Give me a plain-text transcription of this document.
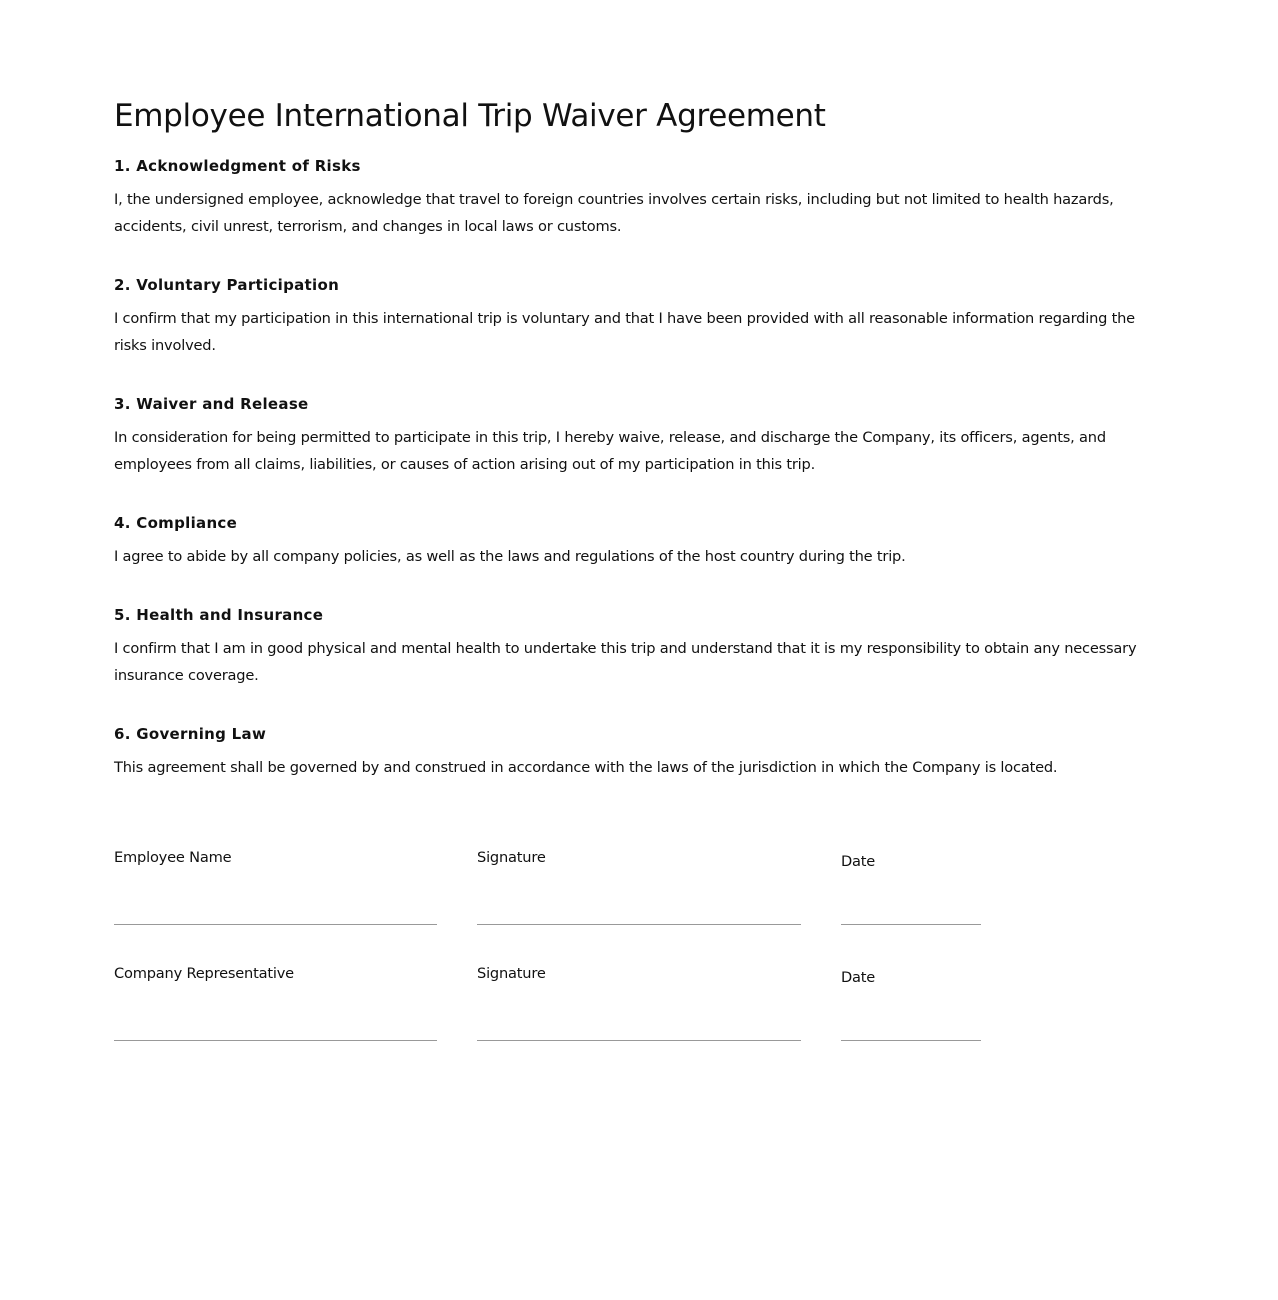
Employee International Trip Waiver Agreement
1. Acknowledgment of Risks

I, the undersigned employee, acknowledge that travel to foreign countries involves certain risks, including but not limited to health hazards, accidents, civil unrest, terrorism, and changes in local laws or customs.

2. Voluntary Participation

I confirm that my participation in this international trip is voluntary and that I have been provided with all reasonable information regarding the risks involved.

3. Waiver and Release

In consideration for being permitted to participate in this trip, I hereby waive, release, and discharge the Company, its officers, agents, and employees from all claims, liabilities, or causes of action arising out of my participation in this trip.

4. Compliance

I agree to abide by all company policies, as well as the laws and regulations of the host country during the trip.

5. Health and Insurance

I confirm that I am in good physical and mental health to undertake this trip and understand that it is my responsibility to obtain any necessary insurance coverage.

6. Governing Law

This agreement shall be governed by and construed in accordance with the laws of the jurisdiction in which the Company is located.

Employee Name	Signature	Date
Company Representative	Signature	Date
